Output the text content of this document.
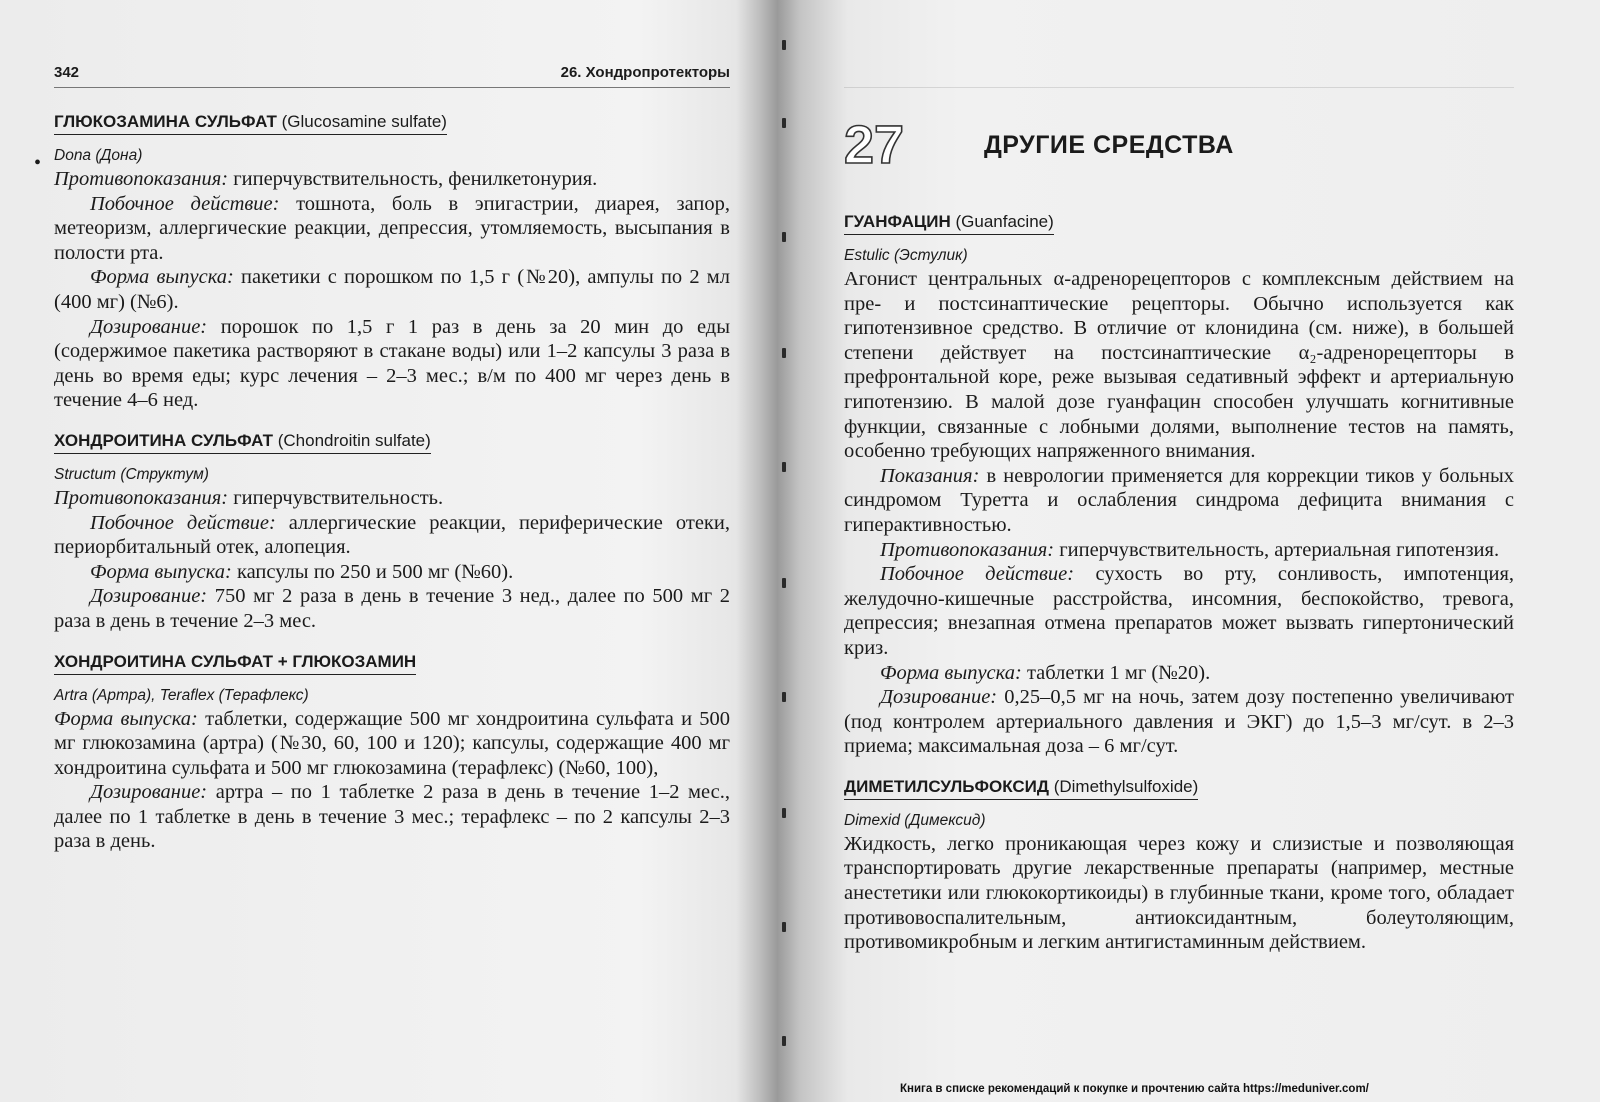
•
342	26. Хондропротекторы
ГЛЮКОЗАМИНА СУЛЬФАТ (Glucosamine sulfate)
Dona (Дона)

Противопоказания: гиперчувствительность, фенилкетонурия.

Побочное действие: тошнота, боль в эпигастрии, диарея, запор, метеоризм, аллергические реакции, депрессия, утомляемость, высыпания в полости рта.

Форма выпуска: пакетики с порошком по 1,5 г (№20), ампулы по 2 мл (400 мг) (№6).

Дозирование: порошок по 1,5 г 1 раз в день за 20 мин до еды (содержимое пакетика растворяют в стакане воды) или 1–2 капсулы 3 раза в день во время еды; курс лечения – 2–3 мес.; в/м по 400 мг через день в течение 4–6 нед.

ХОНДРОИТИНА СУЛЬФАТ (Chondroitin sulfate)
Structum (Структум)

Противопоказания: гиперчувствительность.

Побочное действие: аллергические реакции, периферические отеки, периорбитальный отек, алопеция.

Форма выпуска: капсулы по 250 и 500 мг (№60).

Дозирование: 750 мг 2 раза в день в течение 3 нед., далее по 500 мг 2 раза в день в течение 2–3 мес.

ХОНДРОИТИНА СУЛЬФАТ + ГЛЮКОЗАМИН
Artra (Артра), Teraflex (Терафлекс)

Форма выпуска: таблетки, содержащие 500 мг хондроитина сульфата и 500 мг глюкозамина (артра) (№30, 60, 100 и 120); капсулы, содержащие 400 мг хондроитина сульфата и 500 мг глюкозамина (терафлекс) (№60, 100),

Дозирование: артра – по 1 таблетке 2 раза в день в течение 1–2 мес., далее по 1 таблетке в день в течение 3 мес.; терафлекс – по 2 капсулы 2–3 раза в день.

27	ДРУГИЕ СРЕДСТВА
ГУАНФАЦИН (Guanfacine)
Estulic (Эстулик)

Агонист центральных α-адренорецепторов с комплексным действием на пре- и постсинаптические рецепторы. Обычно используется как гипотензивное средство. В отличие от клонидина (см. ниже), в большей степени действует на постсинаптические α₂-адренорецепторы в префронтальной коре, реже вызывая седативный эффект и артериальную гипотензию. В малой дозе гуанфацин способен улучшать когнитивные функции, связанные с лобными долями, выполнение тестов на память, особенно требующих напряженного внимания.

Показания: в неврологии применяется для коррекции тиков у больных синдромом Туретта и ослабления синдрома дефицита внимания с гиперактивностью.

Противопоказания: гиперчувствительность, артериальная гипотензия.

Побочное действие: сухость во рту, сонливость, импотенция, желудочно-кишечные расстройства, инсомния, беспокойство, тревога, депрессия; внезапная отмена препаратов может вызвать гипертонический криз.

Форма выпуска: таблетки 1 мг (№20).

Дозирование: 0,25–0,5 мг на ночь, затем дозу постепенно увеличивают (под контролем артериального давления и ЭКГ) до 1,5–3 мг/сут. в 2–3 приема; максимальная доза – 6 мг/сут.

ДИМЕТИЛСУЛЬФОКСИД (Dimethylsulfoxide)
Dimexid (Димексид)

Жидкость, легко проникающая через кожу и слизистые и позволяющая транспортировать другие лекарственные препараты (например, местные анестетики или глюкокортикоиды) в глубинные ткани, кроме того, обладает противовоспалительным, антиоксидантным, болеутоляющим, противомикробным и легким антигистаминным действием.

Книга в списке рекомендаций к покупке и прочтению сайта https://meduniver.com/
